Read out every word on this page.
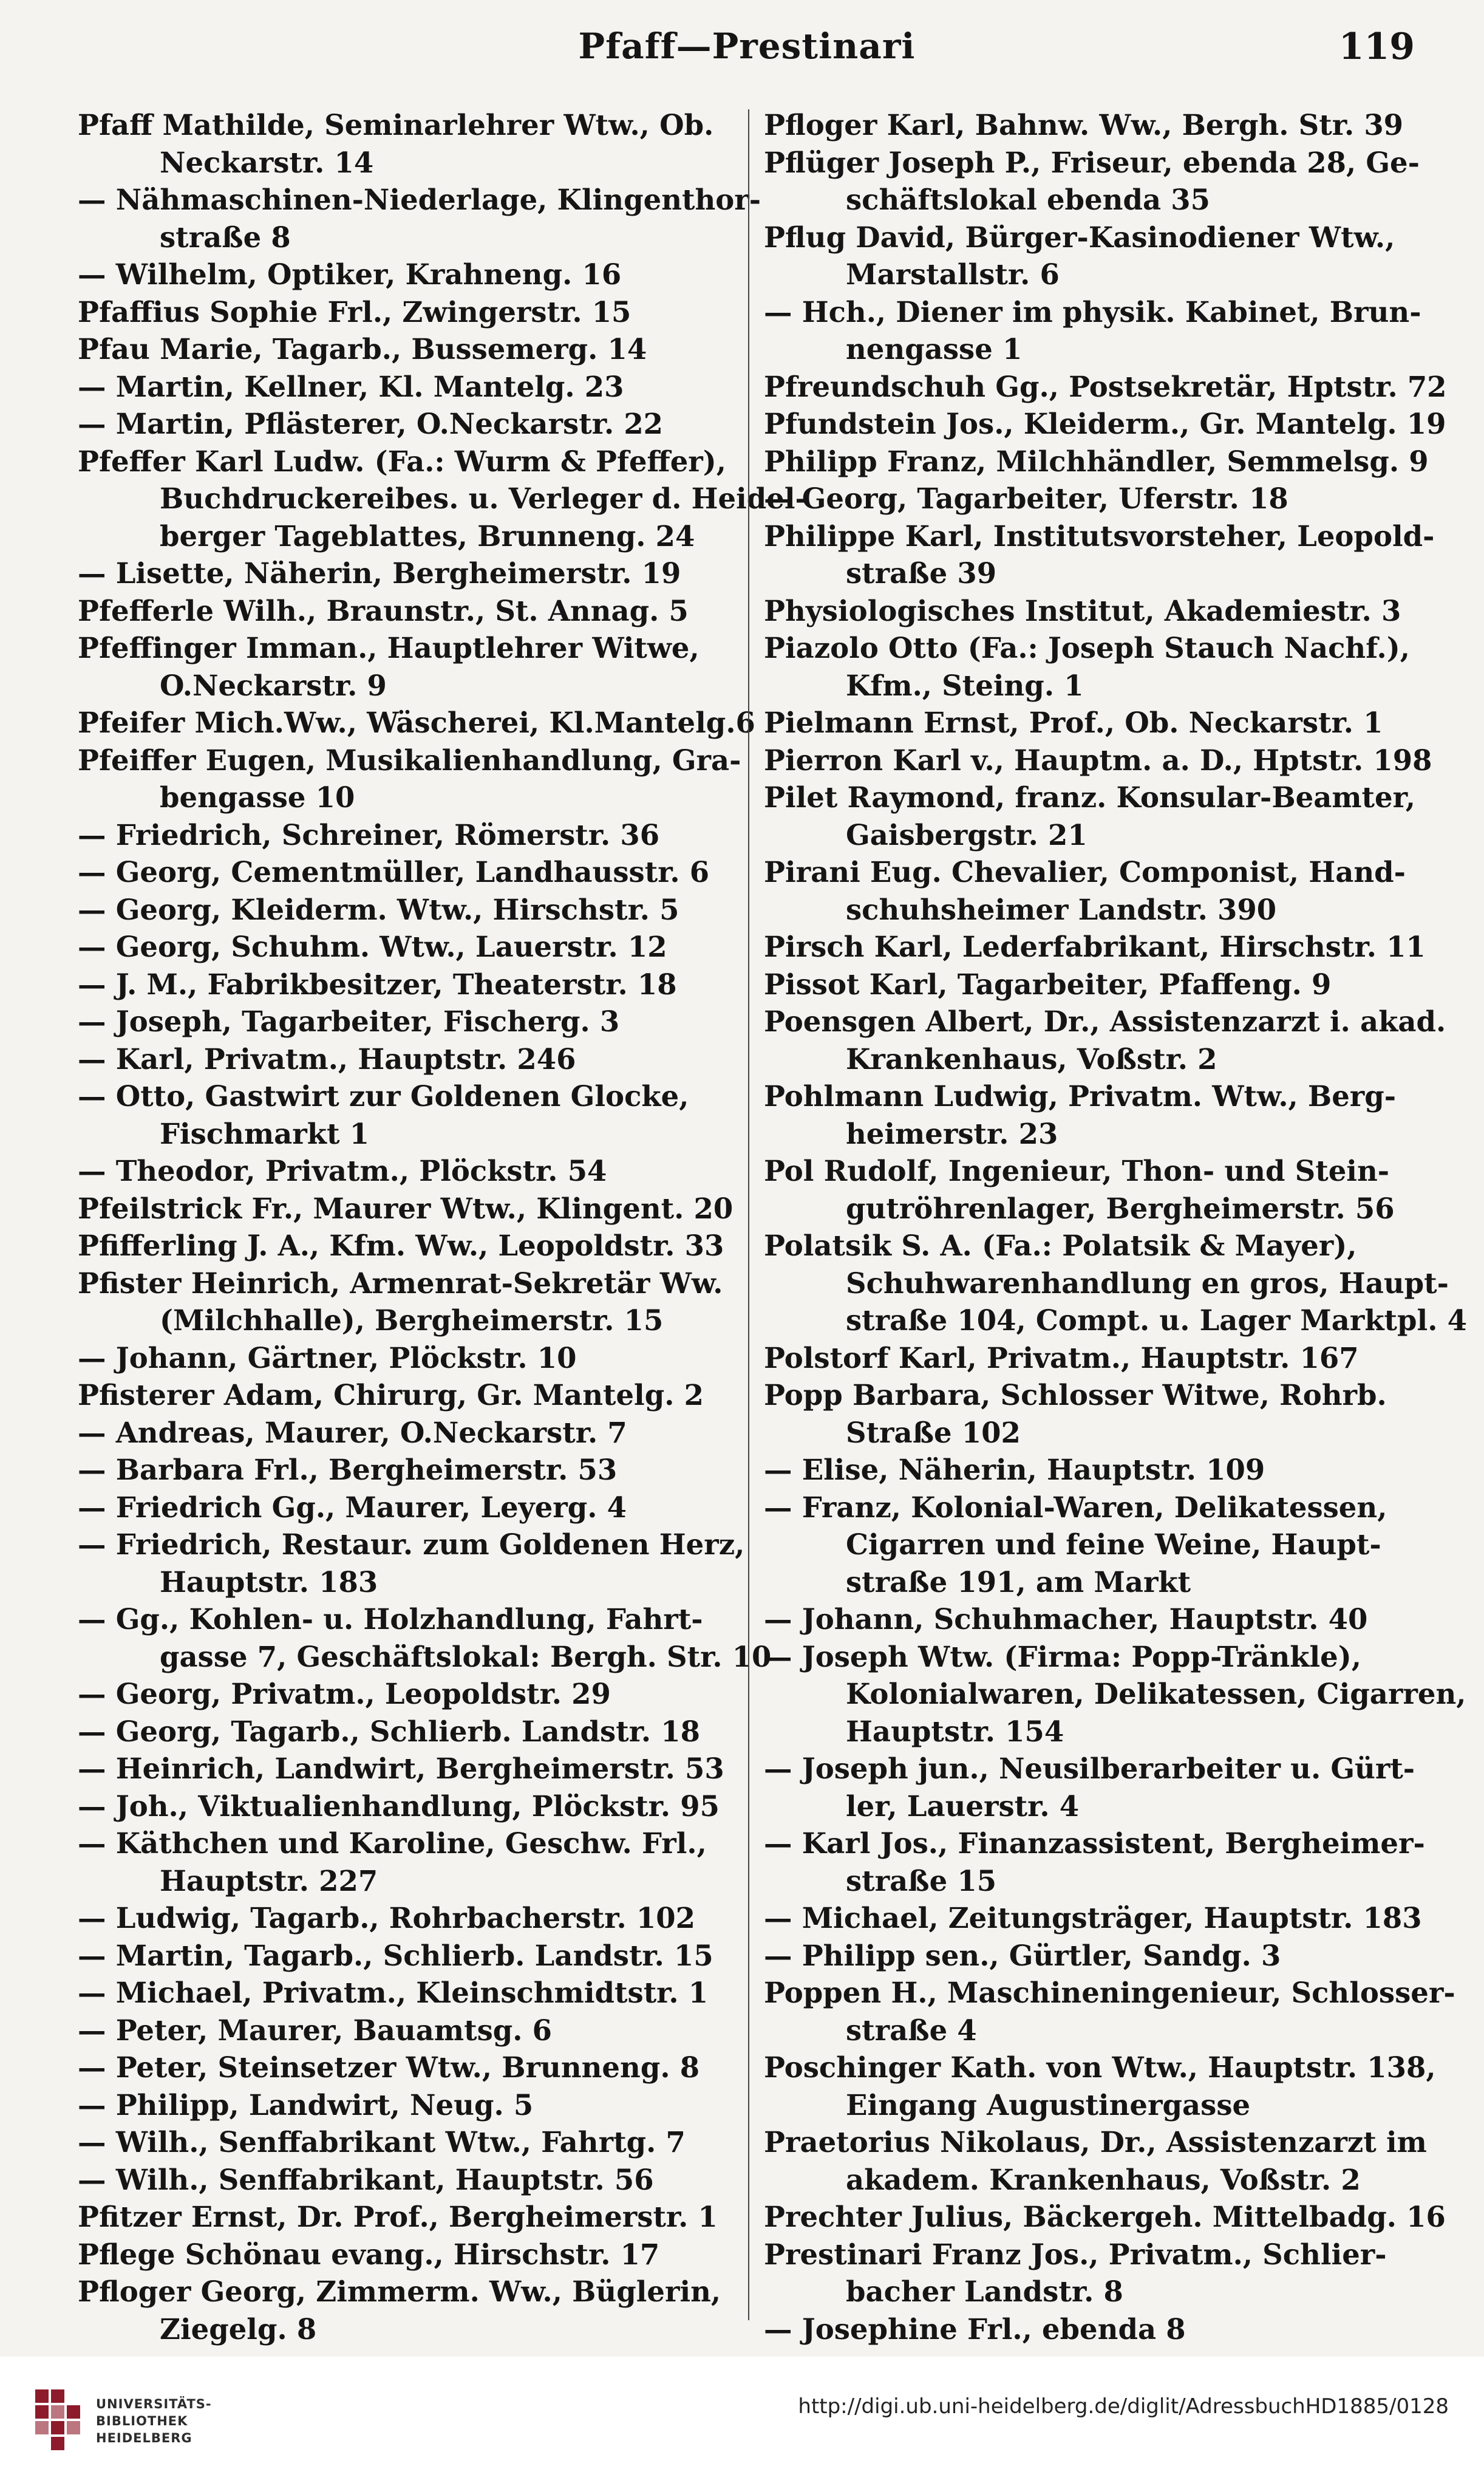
Pfaff—Prestinari	119
Pfaff Mathilde, Seminarlehrer Wtw., Ob.
Neckarstr. 14
— Nähmaschinen-Niederlage, Klingenthor-
straße 8
— Wilhelm, Optiker, Krahneng. 16
Pfaffius Sophie Frl., Zwingerstr. 15
Pfau Marie, Tagarb., Bussemerg. 14
— Martin, Kellner, Kl. Mantelg. 23
— Martin, Pflästerer, O.Neckarstr. 22
Pfeffer Karl Ludw. (Fa.: Wurm & Pfeffer),
Buchdruckereibes. u. Verleger d. Heidel-
berger Tageblattes, Brunneng. 24
— Lisette, Näherin, Bergheimerstr. 19
Pfefferle Wilh., Braunstr., St. Annag. 5
Pfeffinger Imman., Hauptlehrer Witwe,
O.Neckarstr. 9
Pfeifer Mich.Ww., Wäscherei, Kl.Mantelg.6
Pfeiffer Eugen, Musikalienhandlung, Gra-
bengasse 10
— Friedrich, Schreiner, Römerstr. 36
— Georg, Cementmüller, Landhausstr. 6
— Georg, Kleiderm. Wtw., Hirschstr. 5
— Georg, Schuhm. Wtw., Lauerstr. 12
— J. M., Fabrikbesitzer, Theaterstr. 18
— Joseph, Tagarbeiter, Fischerg. 3
— Karl, Privatm., Hauptstr. 246
— Otto, Gastwirt zur Goldenen Glocke,
Fischmarkt 1
— Theodor, Privatm., Plöckstr. 54
Pfeilstrick Fr., Maurer Wtw., Klingent. 20
Pfifferling J. A., Kfm. Ww., Leopoldstr. 33
Pfister Heinrich, Armenrat-Sekretär Ww.
(Milchhalle), Bergheimerstr. 15
— Johann, Gärtner, Plöckstr. 10
Pfisterer Adam, Chirurg, Gr. Mantelg. 2
— Andreas, Maurer, O.Neckarstr. 7
— Barbara Frl., Bergheimerstr. 53
— Friedrich Gg., Maurer, Leyerg. 4
— Friedrich, Restaur. zum Goldenen Herz,
Hauptstr. 183
— Gg., Kohlen- u. Holzhandlung, Fahrt-
gasse 7, Geschäftslokal: Bergh. Str. 10
— Georg, Privatm., Leopoldstr. 29
— Georg, Tagarb., Schlierb. Landstr. 18
— Heinrich, Landwirt, Bergheimerstr. 53
— Joh., Viktualienhandlung, Plöckstr. 95
— Käthchen und Karoline, Geschw. Frl.,
Hauptstr. 227
— Ludwig, Tagarb., Rohrbacherstr. 102
— Martin, Tagarb., Schlierb. Landstr. 15
— Michael, Privatm., Kleinschmidtstr. 1
— Peter, Maurer, Bauamtsg. 6
— Peter, Steinsetzer Wtw., Brunneng. 8
— Philipp, Landwirt, Neug. 5
— Wilh., Senffabrikant Wtw., Fahrtg. 7
— Wilh., Senffabrikant, Hauptstr. 56
Pfitzer Ernst, Dr. Prof., Bergheimerstr. 1
Pflege Schönau evang., Hirschstr. 17
Pfloger Georg, Zimmerm. Ww., Büglerin,
Ziegelg. 8
Pfloger Karl, Bahnw. Ww., Bergh. Str. 39
Pflüger Joseph P., Friseur, ebenda 28, Ge-
schäftslokal ebenda 35
Pflug David, Bürger-Kasinodiener Wtw.,
Marstallstr. 6
— Hch., Diener im physik. Kabinet, Brun-
nengasse 1
Pfreundschuh Gg., Postsekretär, Hptstr. 72
Pfundstein Jos., Kleiderm., Gr. Mantelg. 19
Philipp Franz, Milchhändler, Semmelsg. 9
— Georg, Tagarbeiter, Uferstr. 18
Philippe Karl, Institutsvorsteher, Leopold-
straße 39
Physiologisches Institut, Akademiestr. 3
Piazolo Otto (Fa.: Joseph Stauch Nachf.),
Kfm., Steing. 1
Pielmann Ernst, Prof., Ob. Neckarstr. 1
Pierron Karl v., Hauptm. a. D., Hptstr. 198
Pilet Raymond, franz. Konsular-Beamter,
Gaisbergstr. 21
Pirani Eug. Chevalier, Componist, Hand-
schuhsheimer Landstr. 390
Pirsch Karl, Lederfabrikant, Hirschstr. 11
Pissot Karl, Tagarbeiter, Pfaffeng. 9
Poensgen Albert, Dr., Assistenzarzt i. akad.
Krankenhaus, Voßstr. 2
Pohlmann Ludwig, Privatm. Wtw., Berg-
heimerstr. 23
Pol Rudolf, Ingenieur, Thon- und Stein-
gutröhrenlager, Bergheimerstr. 56
Polatsik S. A. (Fa.: Polatsik & Mayer),
Schuhwarenhandlung en gros, Haupt-
straße 104, Compt. u. Lager Marktpl. 4
Polstorf Karl, Privatm., Hauptstr. 167
Popp Barbara, Schlosser Witwe, Rohrb.
Straße 102
— Elise, Näherin, Hauptstr. 109
— Franz, Kolonial-Waren, Delikatessen,
Cigarren und feine Weine, Haupt-
straße 191, am Markt
— Johann, Schuhmacher, Hauptstr. 40
— Joseph Wtw. (Firma: Popp-Tränkle),
Kolonialwaren, Delikatessen, Cigarren,
Hauptstr. 154
— Joseph jun., Neusilberarbeiter u. Gürt-
ler, Lauerstr. 4
— Karl Jos., Finanzassistent, Bergheimer-
straße 15
— Michael, Zeitungsträger, Hauptstr. 183
— Philipp sen., Gürtler, Sandg. 3
Poppen H., Maschineningenieur, Schlosser-
straße 4
Poschinger Kath. von Wtw., Hauptstr. 138,
Eingang Augustinergasse
Praetorius Nikolaus, Dr., Assistenzarzt im
akadem. Krankenhaus, Voßstr. 2
Prechter Julius, Bäckergeh. Mittelbadg. 16
Prestinari Franz Jos., Privatm., Schlier-
bacher Landstr. 8
— Josephine Frl., ebenda 8
UNIVERSITÄTS-
BIBLIOTHEK
HEIDELBERG
http://digi.ub.uni-heidelberg.de/diglit/AdressbuchHD1885/0128
